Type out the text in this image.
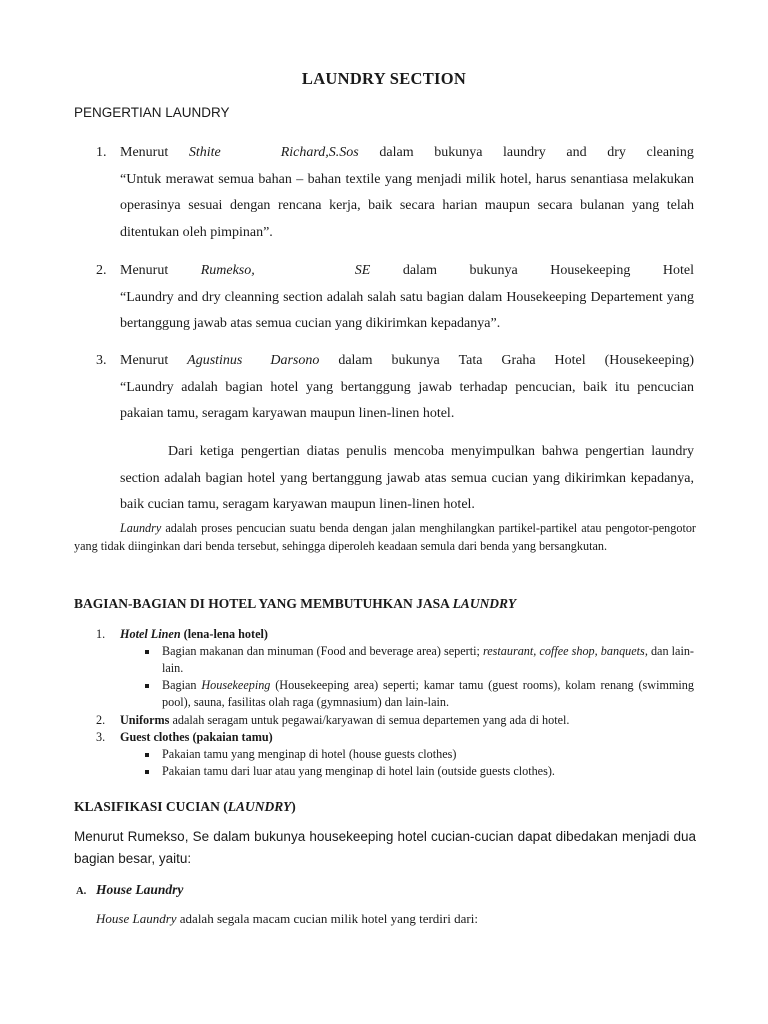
LAUNDRY SECTION
PENGERTIAN LAUNDRY
1. Menurut Sthite	Richard,S.Sos dalam bukunya laundry and dry cleaning
“Untuk merawat semua bahan – bahan textile yang menjadi milik hotel, harus senantiasa melakukan operasinya sesuai dengan rencana kerja, baik secara harian maupun secara bulanan yang telah ditentukan oleh pimpinan”.
2. Menurut Rumekso,	SE dalam bukunya Housekeeping Hotel
“Laundry and dry cleanning section adalah salah satu bagian dalam Housekeeping Departement yang bertanggung jawab atas semua cucian yang dikirimkan kepadanya”.
3. Menurut Agustinus Darsono dalam bukunya Tata Graha Hotel (Housekeeping)
“Laundry adalah bagian hotel yang bertanggung jawab terhadap pencucian, baik itu pencucian pakaian tamu, seragam karyawan maupun linen-linen hotel.

Dari ketiga pengertian diatas penulis mencoba menyimpulkan bahwa pengertian laundry section adalah bagian hotel yang bertanggung jawab atas semua cucian yang dikirimkan kepadanya, baik cucian tamu, seragam karyawan maupun linen-linen hotel.

Laundry adalah proses pencucian suatu benda dengan jalan menghilangkan partikel-partikel atau pengotor-pengotor yang tidak diinginkan dari benda tersebut, sehingga diperoleh keadaan semula dari benda yang bersangkutan.

BAGIAN-BAGIAN DI HOTEL YANG MEMBUTUHKAN JASA LAUNDRY
1. Hotel Linen (lena-lena hotel)
Bagian makanan dan minuman (Food and beverage area) seperti; restaurant, coffee shop, banquets, dan lain-lain.
Bagian Housekeeping (Housekeeping area) seperti; kamar tamu (guest rooms), kolam renang (swimming pool), sauna, fasilitas olah raga (gymnasium) dan lain-lain.
2. Uniforms adalah seragam untuk pegawai/karyawan di semua departemen yang ada di hotel.
3. Guest clothes (pakaian tamu)
Pakaian tamu yang menginap di hotel (house guests clothes)
Pakaian tamu dari luar atau yang menginap di hotel lain (outside guests clothes).
KLASIFIKASI CUCIAN (LAUNDRY)

Menurut Rumekso, Se dalam bukunya housekeeping hotel cucian-cucian dapat dibedakan menjadi dua bagian besar, yaitu:

A. House Laundry
House Laundry adalah segala macam cucian milik hotel yang terdiri dari:
